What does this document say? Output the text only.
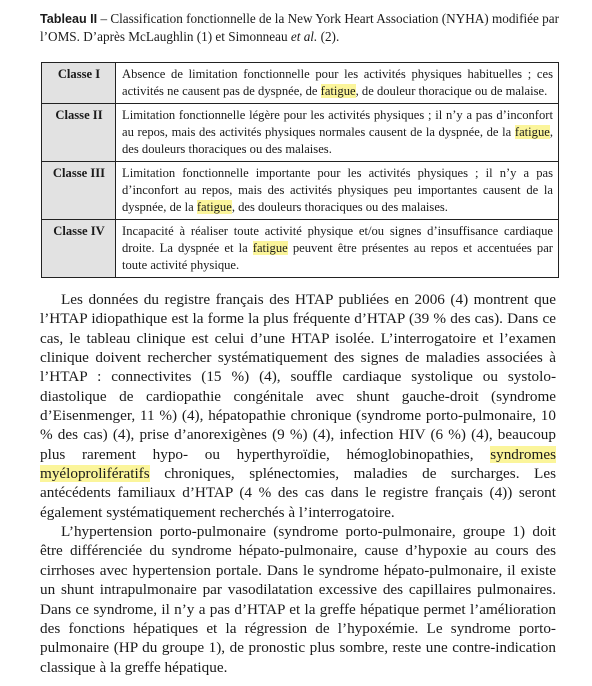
Tableau II – Classification fonctionnelle de la New York Heart Association (NYHA) modifiée par l’OMS. D’après McLaughlin (1) et Simonneau et al. (2).
Classe I	Absence de limitation fonctionnelle pour les activités physiques habituelles ; ces activités ne causent pas de dyspnée, de fatigue, de douleur thoracique ou de malaise.
Classe II	Limitation fonctionnelle légère pour les activités physiques ; il n’y a pas d’inconfort au repos, mais des activités physiques normales causent de la dyspnée, de la fatigue, des douleurs thoraciques ou des malaises.
Classe III	Limitation fonctionnelle importante pour les activités physiques ; il n’y a pas d’inconfort au repos, mais des activités physiques peu importantes causent de la dyspnée, de la fatigue, des douleurs thoraciques ou des malaises.
Classe IV	Incapacité à réaliser toute activité physique et/ou signes d’insuffisance cardiaque droite. La dyspnée et la fatigue peuvent être présentes au repos et accentuées par toute activité physique.

Les données du registre français des HTAP publiées en 2006 (4) montrent que l’HTAP idiopathique est la forme la plus fréquente d’HTAP (39 % des cas). Dans ce cas, le tableau clinique est celui d’une HTAP isolée. L’interrogatoire et l’examen clinique doivent rechercher systématiquement des signes de maladies associées à l’HTAP : connectivites (15 %) (4), souffle cardiaque systolique ou systolo-diastolique de cardiopathie congénitale avec shunt gauche-droit (syndrome d’Eisenmenger, 11 %) (4), hépatopathie chronique (syndrome porto-pulmonaire, 10 % des cas) (4), prise d’anorexigènes (9 %) (4), infection HIV (6 %) (4), beaucoup plus rarement hypo- ou hyperthyroïdie, hémoglobinopathies, syndromes myéloprolifératifs chroniques, splénectomies, maladies de surcharges. Les antécédents familiaux d’HTAP (4 % des cas dans le registre français (4)) seront également systématiquement recherchés à l’interrogatoire.

L’hypertension porto-pulmonaire (syndrome porto-pulmonaire, groupe 1) doit être différenciée du syndrome hépato-pulmonaire, cause d’hypoxie au cours des cirrhoses avec hypertension portale. Dans le syndrome hépato-pulmonaire, il existe un shunt intrapulmonaire par vasodilatation excessive des capillaires pulmonaires. Dans ce syndrome, il n’y a pas d’HTAP et la greffe hépatique permet l’amélioration des fonctions hépatiques et la régression de l’hypoxémie. Le syndrome porto-pulmonaire (HP du groupe 1), de pronostic plus sombre, reste une contre-indication classique à la greffe hépatique.
